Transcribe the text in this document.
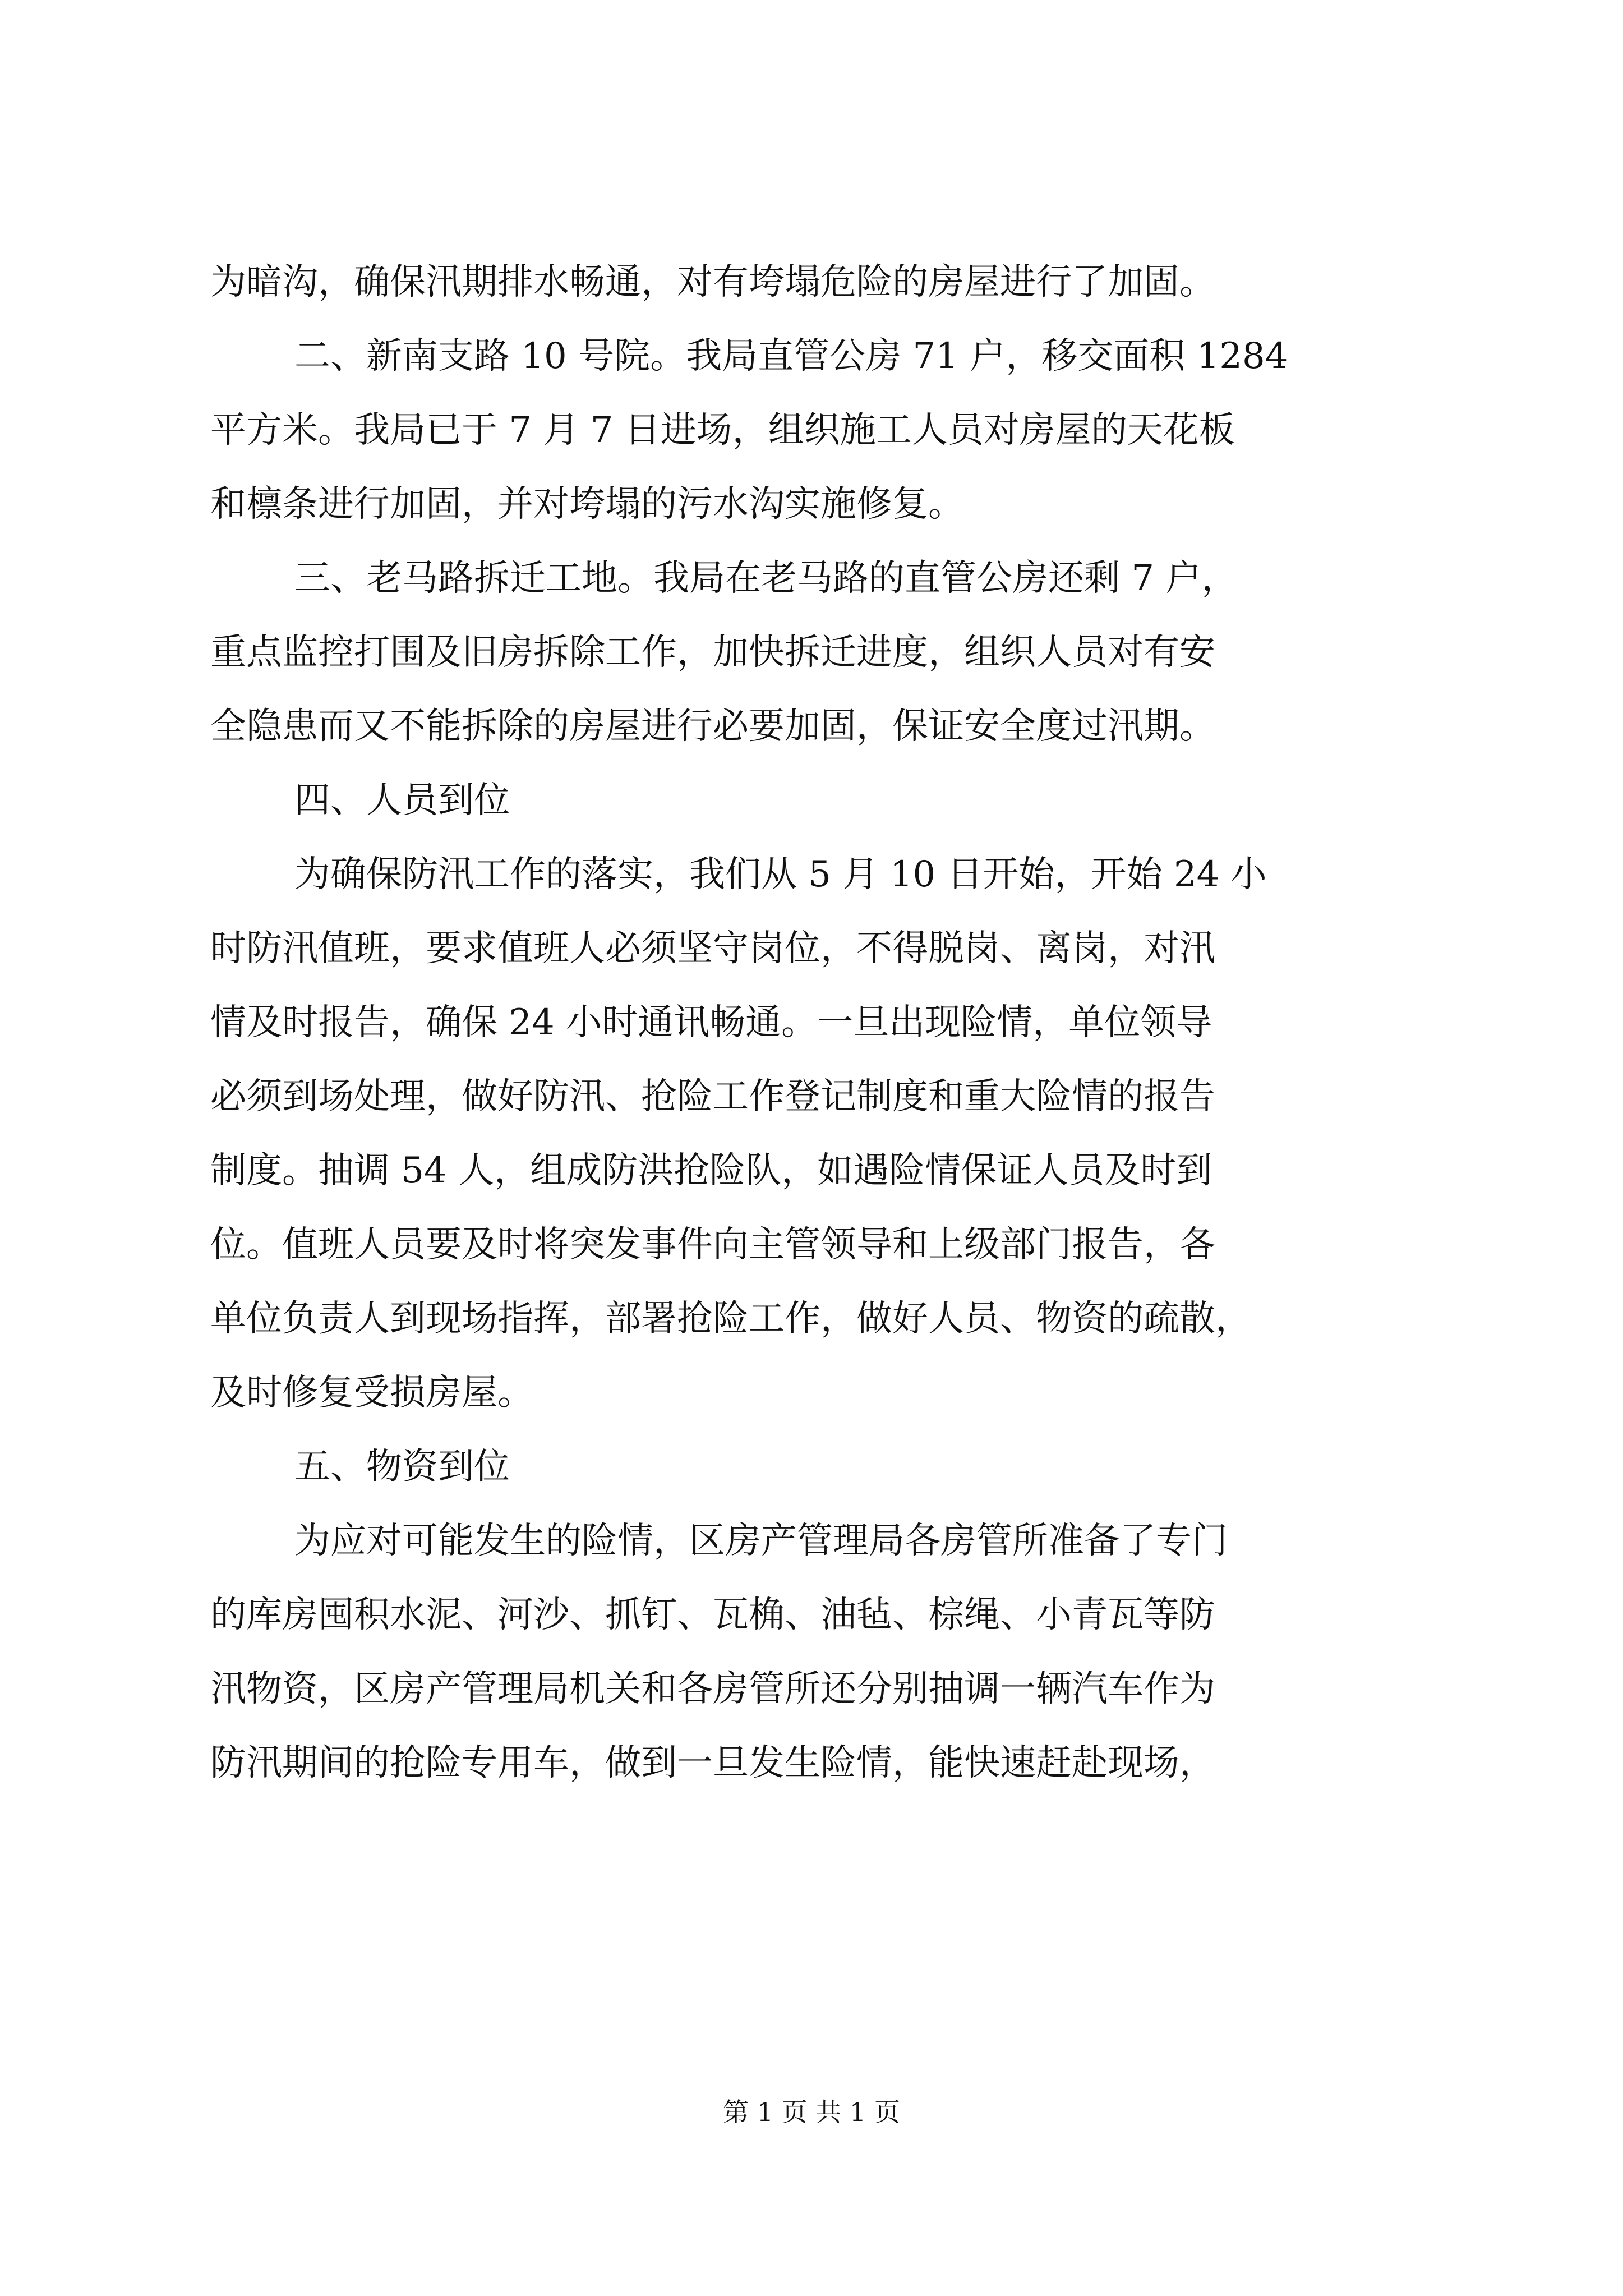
为暗沟，确保汛期排水畅通，对有垮塌危险的房屋进行了加固。

二、新南支路 10 号院。我局直管公房 71 户，移交面积 1284

平方米。我局已于 7 月 7 日进场，组织施工人员对房屋的天花板

和檩条进行加固，并对垮塌的污水沟实施修复。

三、老马路拆迁工地。我局在老马路的直管公房还剩 7 户，

重点监控打围及旧房拆除工作，加快拆迁进度，组织人员对有安

全隐患而又不能拆除的房屋进行必要加固，保证安全度过汛期。

四、人员到位

为确保防汛工作的落实，我们从 5 月 10 日开始，开始 24 小

时防汛值班，要求值班人必须坚守岗位，不得脱岗、离岗，对汛

情及时报告，确保 24 小时通讯畅通。一旦出现险情，单位领导

必须到场处理，做好防汛、抢险工作登记制度和重大险情的报告

制度。抽调 54 人，组成防洪抢险队，如遇险情保证人员及时到

位。值班人员要及时将突发事件向主管领导和上级部门报告，各

单位负责人到现场指挥，部署抢险工作，做好人员、物资的疏散，

及时修复受损房屋。

五、物资到位

为应对可能发生的险情，区房产管理局各房管所准备了专门

的库房囤积水泥、河沙、抓钉、瓦桷、油毡、棕绳、小青瓦等防

汛物资，区房产管理局机关和各房管所还分别抽调一辆汽车作为

防汛期间的抢险专用车，做到一旦发生险情，能快速赶赴现场，

第 1 页 共 1 页
